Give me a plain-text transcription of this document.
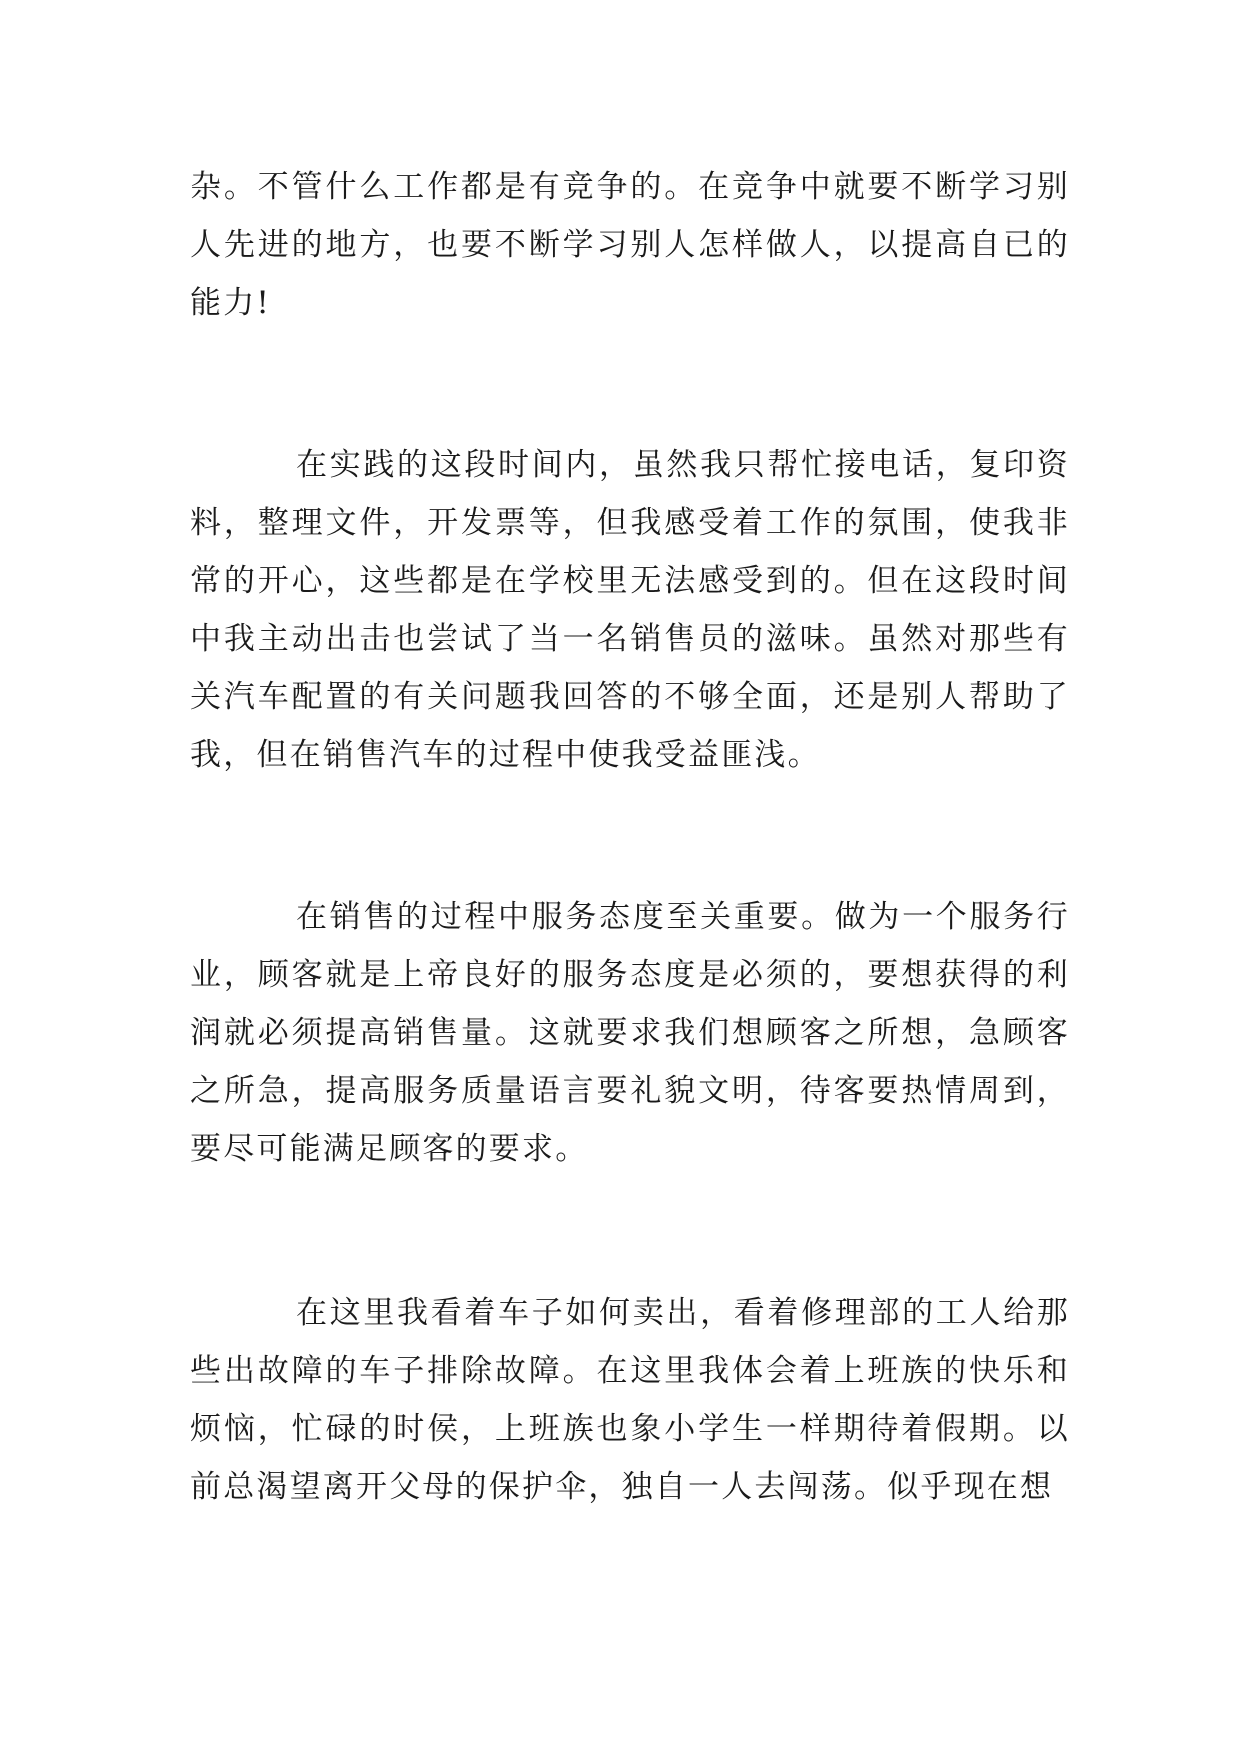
杂。不管什么工作都是有竞争的。在竞争中就要不断学习别人先进的地方，也要不断学习别人怎样做人，以提高自已的能力!

在实践的这段时间内，虽然我只帮忙接电话，复印资料，整理文件，开发票等，但我感受着工作的氛围，使我非常的开心，这些都是在学校里无法感受到的。但在这段时间中我主动出击也尝试了当一名销售员的滋味。虽然对那些有关汽车配置的有关问题我回答的不够全面，还是别人帮助了我，但在销售汽车的过程中使我受益匪浅。

在销售的过程中服务态度至关重要。做为一个服务行业，顾客就是上帝良好的服务态度是必须的，要想获得的利润就必须提高销售量。这就要求我们想顾客之所想，急顾客之所急，提高服务质量语言要礼貌文明，待客要热情周到，要尽可能满足顾客的要求。

在这里我看着车子如何卖出，看着修理部的工人给那些出故障的车子排除故障。在这里我体会着上班族的快乐和烦恼，忙碌的时侯，上班族也象小学生一样期待着假期。以前总渴望离开父母的保护伞，独自一人去闯荡。似乎现在想
